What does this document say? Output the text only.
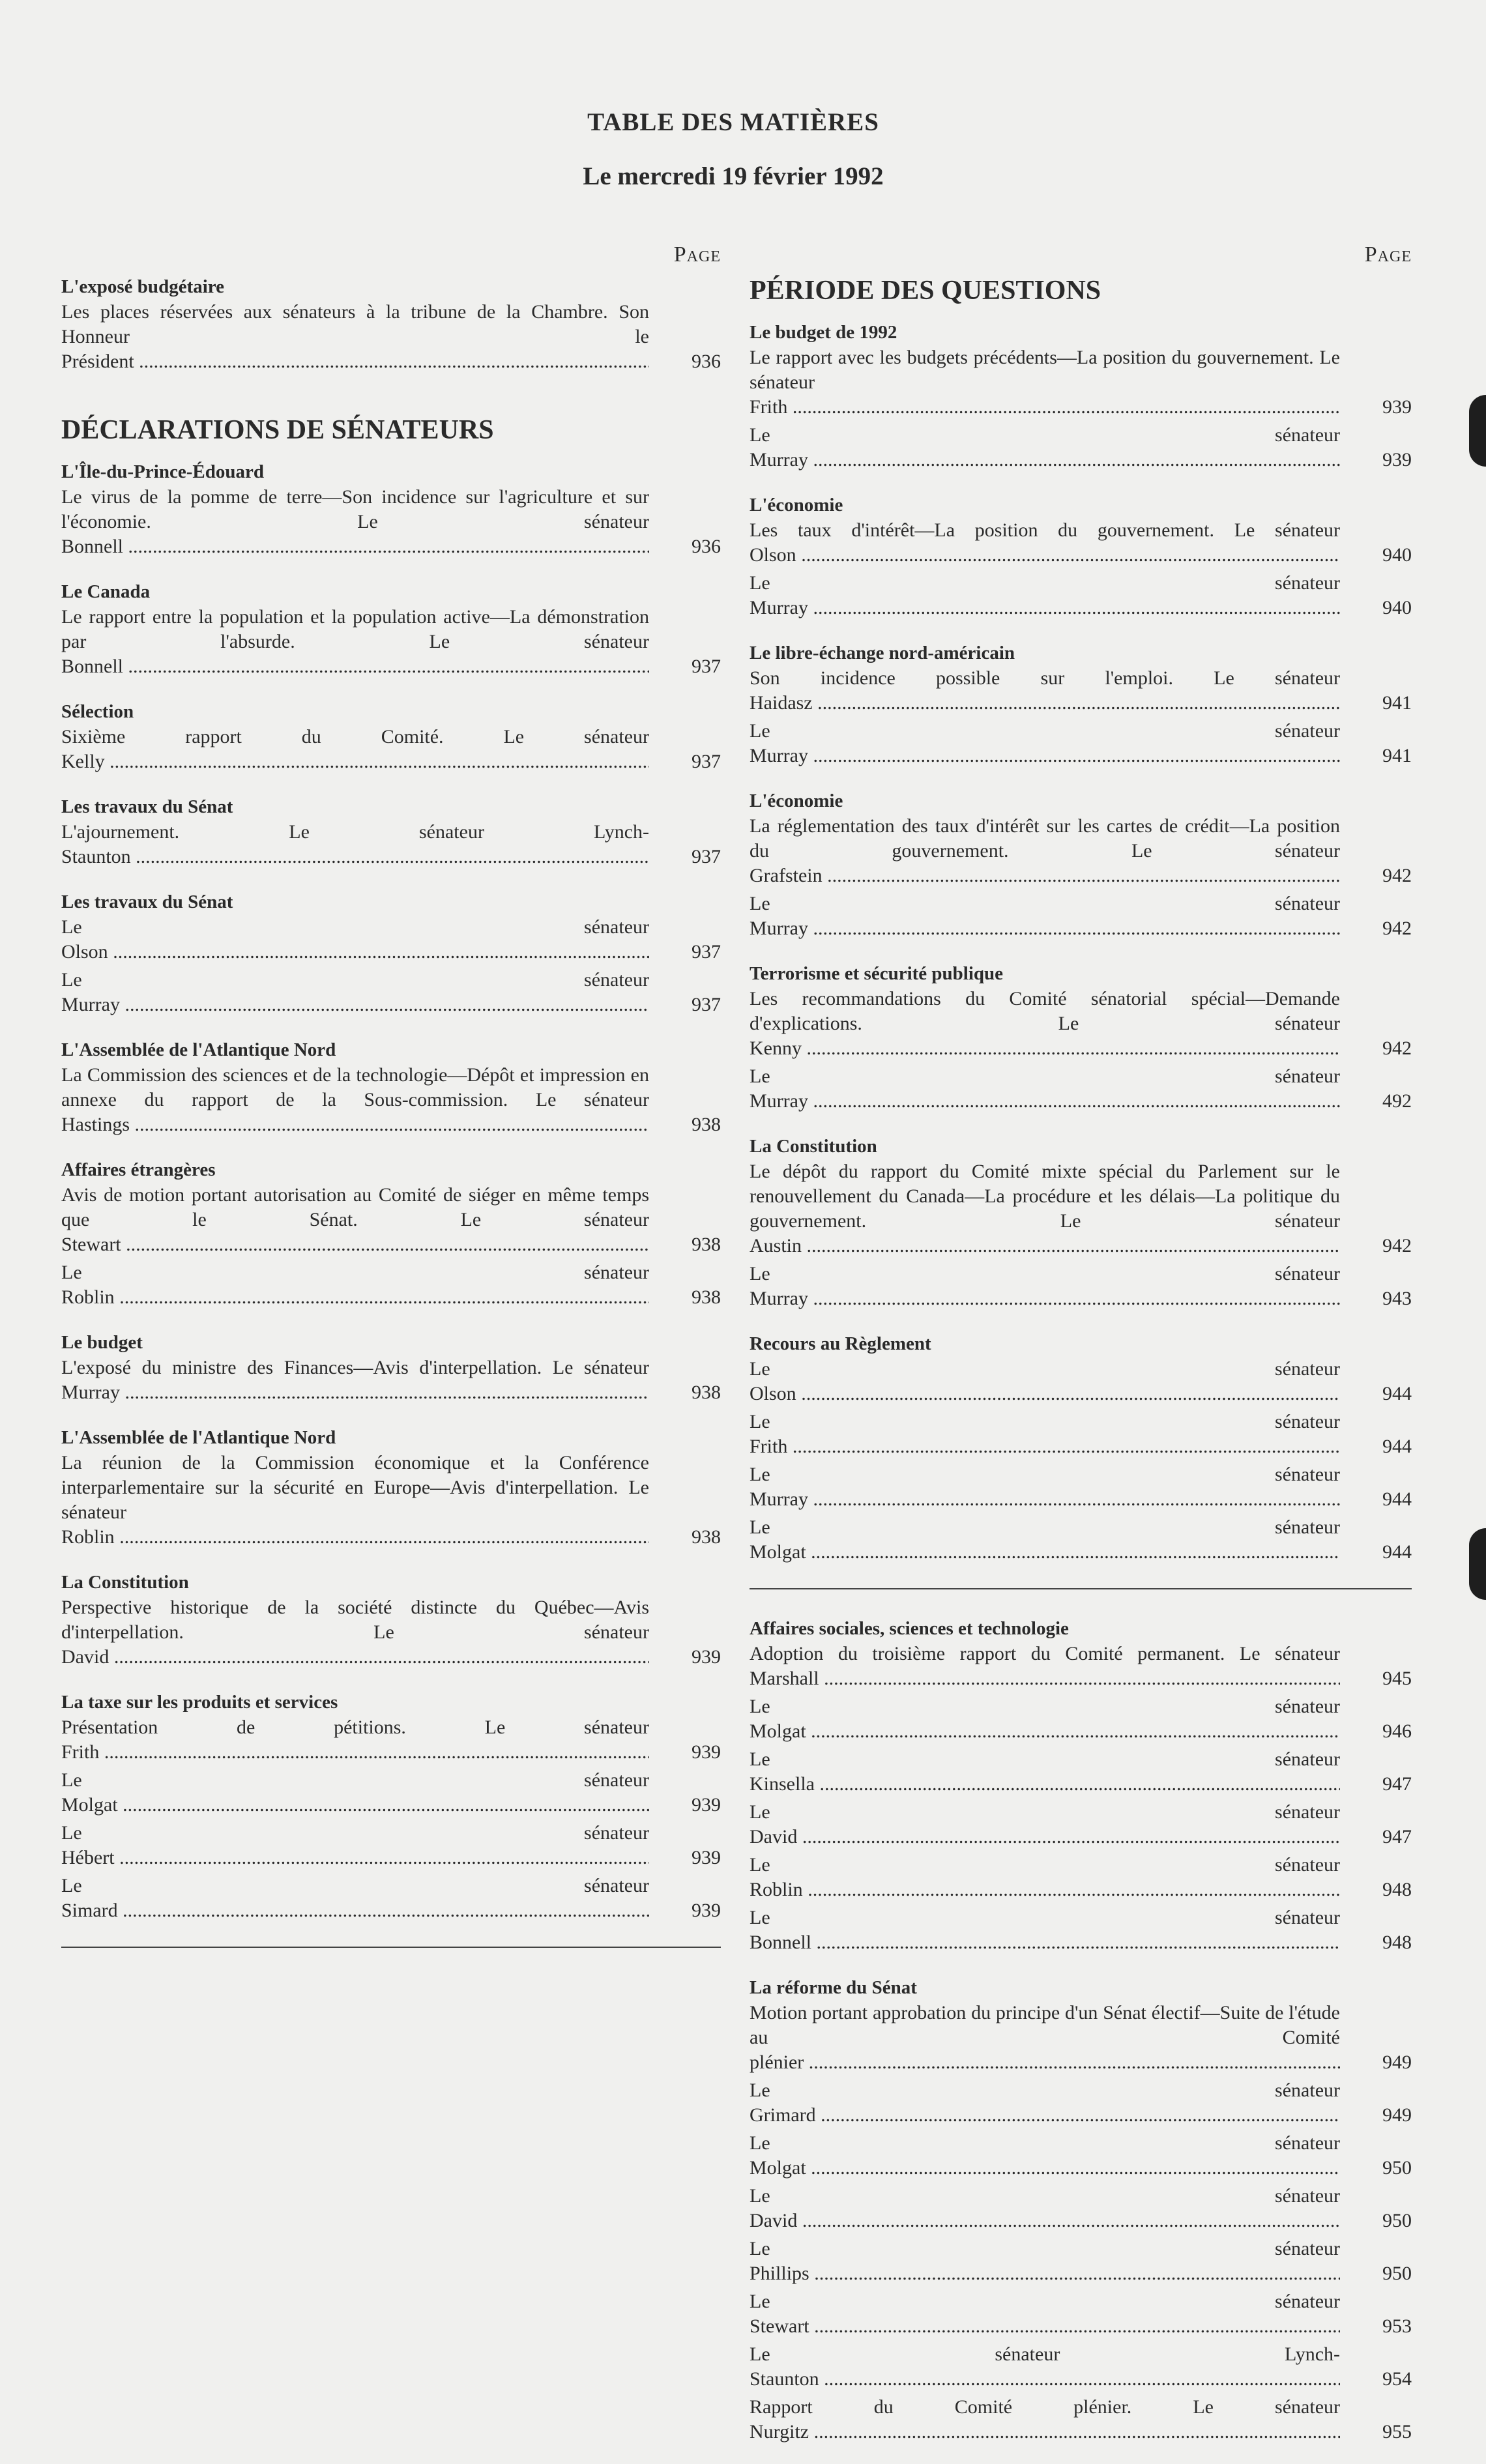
TABLE DES MATIÈRES
Le mercredi 19 février 1992
Page
L'exposé budgétaire
Les places réservées aux sénateurs à la tribune de la Chambre. Son Honneur le Président .....	936
DÉCLARATIONS DE SÉNATEURS
L'Île-du-Prince-Édouard
Le virus de la pomme de terre—Son incidence sur l'agriculture et sur l'économie. Le sénateur Bonnell .....	936
Le Canada
Le rapport entre la population et la population active—La démonstration par l'absurde. Le sénateur Bonnell .....	937
Sélection
Sixième rapport du Comité. Le sénateur Kelly .....	937
Les travaux du Sénat
L'ajournement. Le sénateur Lynch-Staunton .....	937
Les travaux du Sénat
Le sénateur Olson .....	937
Le sénateur Murray .....	937
L'Assemblée de l'Atlantique Nord
La Commission des sciences et de la technologie—Dépôt et impression en annexe du rapport de la Sous-commission. Le sénateur Hastings .....	938
Affaires étrangères
Avis de motion portant autorisation au Comité de siéger en même temps que le Sénat. Le sénateur Stewart .....	938
Le sénateur Roblin .....	938
Le budget
L'exposé du ministre des Finances—Avis d'interpellation. Le sénateur Murray .....	938
L'Assemblée de l'Atlantique Nord
La réunion de la Commission économique et la Conférence interparlementaire sur la sécurité en Europe—Avis d'interpellation. Le sénateur Roblin .....	938
La Constitution
Perspective historique de la société distincte du Québec—Avis d'interpellation. Le sénateur David .....	939
La taxe sur les produits et services
Présentation de pétitions. Le sénateur Frith .....	939
Le sénateur Molgat .....	939
Le sénateur Hébert .....	939
Le sénateur Simard .....	939
Page
PÉRIODE DES QUESTIONS
Le budget de 1992
Le rapport avec les budgets précédents—La position du gouvernement. Le sénateur Frith .....	939
Le sénateur Murray .....	939
L'économie
Les taux d'intérêt—La position du gouvernement. Le sénateur Olson .....	940
Le sénateur Murray .....	940
Le libre-échange nord-américain
Son incidence possible sur l'emploi. Le sénateur Haidasz .....	941
Le sénateur Murray .....	941
L'économie
La réglementation des taux d'intérêt sur les cartes de crédit—La position du gouvernement. Le sénateur Grafstein .....	942
Le sénateur Murray .....	942
Terrorisme et sécurité publique
Les recommandations du Comité sénatorial spécial—Demande d'explications. Le sénateur Kenny .....	942
Le sénateur Murray .....	492
La Constitution
Le dépôt du rapport du Comité mixte spécial du Parlement sur le renouvellement du Canada—La procédure et les délais—La politique du gouvernement. Le sénateur Austin .....	942
Le sénateur Murray .....	943
Recours au Règlement
Le sénateur Olson .....	944
Le sénateur Frith .....	944
Le sénateur Murray .....	944
Le sénateur Molgat .....	944
Affaires sociales, sciences et technologie
Adoption du troisième rapport du Comité permanent. Le sénateur Marshall .....	945
Le sénateur Molgat .....	946
Le sénateur Kinsella .....	947
Le sénateur David .....	947
Le sénateur Roblin .....	948
Le sénateur Bonnell .....	948
La réforme du Sénat
Motion portant approbation du principe d'un Sénat électif—Suite de l'étude au Comité plénier .....	949
Le sénateur Grimard .....	949
Le sénateur Molgat .....	950
Le sénateur David .....	950
Le sénateur Phillips .....	950
Le sénateur Stewart .....	953
Le sénateur Lynch-Staunton .....	954
Rapport du Comité plénier. Le sénateur Nurgitz .....	955
